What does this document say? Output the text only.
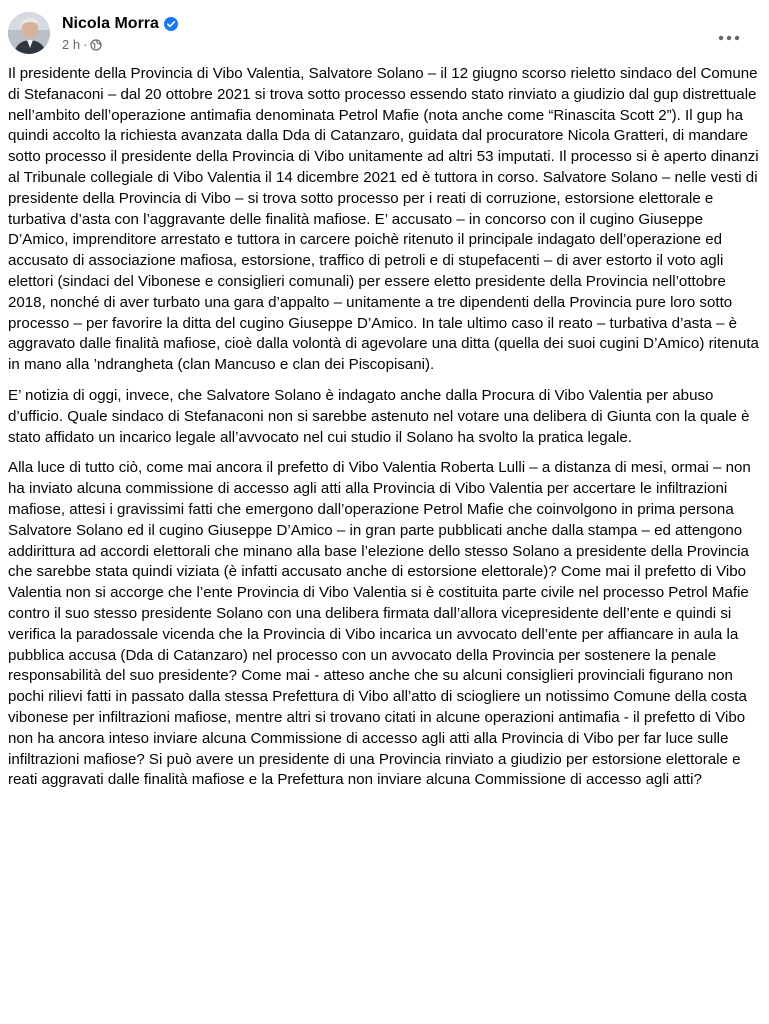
Nicola Morra
2 h ·

Il presidente della Provincia di Vibo Valentia, Salvatore Solano – il 12 giugno scorso rieletto sindaco del Comune di Stefanaconi – dal 20 ottobre 2021 si trova sotto processo essendo stato rinviato a giudizio dal gup distrettuale nell’ambito dell’operazione antimafia denominata Petrol Mafie (nota anche come “Rinascita Scott 2”). Il gup ha quindi accolto la richiesta avanzata dalla Dda di Catanzaro, guidata dal procuratore Nicola Gratteri, di mandare sotto processo il presidente della Provincia di Vibo unitamente ad altri 53 imputati. Il processo si è aperto dinanzi al Tribunale collegiale di Vibo Valentia il 14 dicembre 2021 ed è tuttora in corso. Salvatore Solano – nelle vesti di presidente della Provincia di Vibo – si trova sotto processo per i reati di corruzione, estorsione elettorale e turbativa d’asta con l’aggravante delle finalità mafiose. E’ accusato – in concorso con il cugino Giuseppe D’Amico, imprenditore arrestato e tuttora in carcere poichè ritenuto il principale indagato dell’operazione ed accusato di associazione mafiosa, estorsione, traffico di petroli e di stupefacenti – di aver estorto il voto agli elettori (sindaci del Vibonese e consiglieri comunali) per essere eletto presidente della Provincia nell’ottobre 2018, nonché di aver turbato una gara d’appalto – unitamente a tre dipendenti della Provincia pure loro sotto processo – per favorire la ditta del cugino Giuseppe D’Amico. In tale ultimo caso il reato – turbativa d’asta – è aggravato dalle finalità mafiose, cioè dalla volontà di agevolare una ditta (quella dei suoi cugini D’Amico) ritenuta in mano alla ’ndrangheta (clan Mancuso e clan dei Piscopisani).

E’ notizia di oggi, invece, che Salvatore Solano è indagato anche dalla Procura di Vibo Valentia per abuso d’ufficio. Quale sindaco di Stefanaconi non si sarebbe astenuto nel votare una delibera di Giunta con la quale è stato affidato un incarico legale all’avvocato nel cui studio il Solano ha svolto la pratica legale.

Alla luce di tutto ciò, come mai ancora il prefetto di Vibo Valentia Roberta Lulli – a distanza di mesi, ormai – non ha inviato alcuna commissione di accesso agli atti alla Provincia di Vibo Valentia per accertare le infiltrazioni mafiose, attesi i gravissimi fatti che emergono dall’operazione Petrol Mafie che coinvolgono in prima persona Salvatore Solano ed il cugino Giuseppe D’Amico – in gran parte pubblicati anche dalla stampa – ed attengono addirittura ad accordi elettorali che minano alla base l’elezione dello stesso Solano a presidente della Provincia che sarebbe stata quindi viziata (è infatti accusato anche di estorsione elettorale)? Come mai il prefetto di Vibo Valentia non si accorge che l’ente Provincia di Vibo Valentia si è costituita parte civile nel processo Petrol Mafie contro il suo stesso presidente Solano con una delibera firmata dall’allora vicepresidente dell’ente e quindi si verifica la paradossale vicenda che la Provincia di Vibo incarica un avvocato dell’ente per affiancare in aula la pubblica accusa (Dda di Catanzaro) nel processo con un avvocato della Provincia per sostenere la penale responsabilità del suo presidente? Come mai - atteso anche che su alcuni consiglieri provinciali figurano non pochi rilievi fatti in passato dalla stessa Prefettura di Vibo all’atto di sciogliere un notissimo Comune della costa vibonese per infiltrazioni mafiose, mentre altri si trovano citati in alcune operazioni antimafia - il prefetto di Vibo non ha ancora inteso inviare alcuna Commissione di accesso agli atti alla Provincia di Vibo per far luce sulle infiltrazioni mafiose? Si può avere un presidente di una Provincia rinviato a giudizio per estorsione elettorale e reati aggravati dalle finalità mafiose e la Prefettura non inviare alcuna Commissione di accesso agli atti?
